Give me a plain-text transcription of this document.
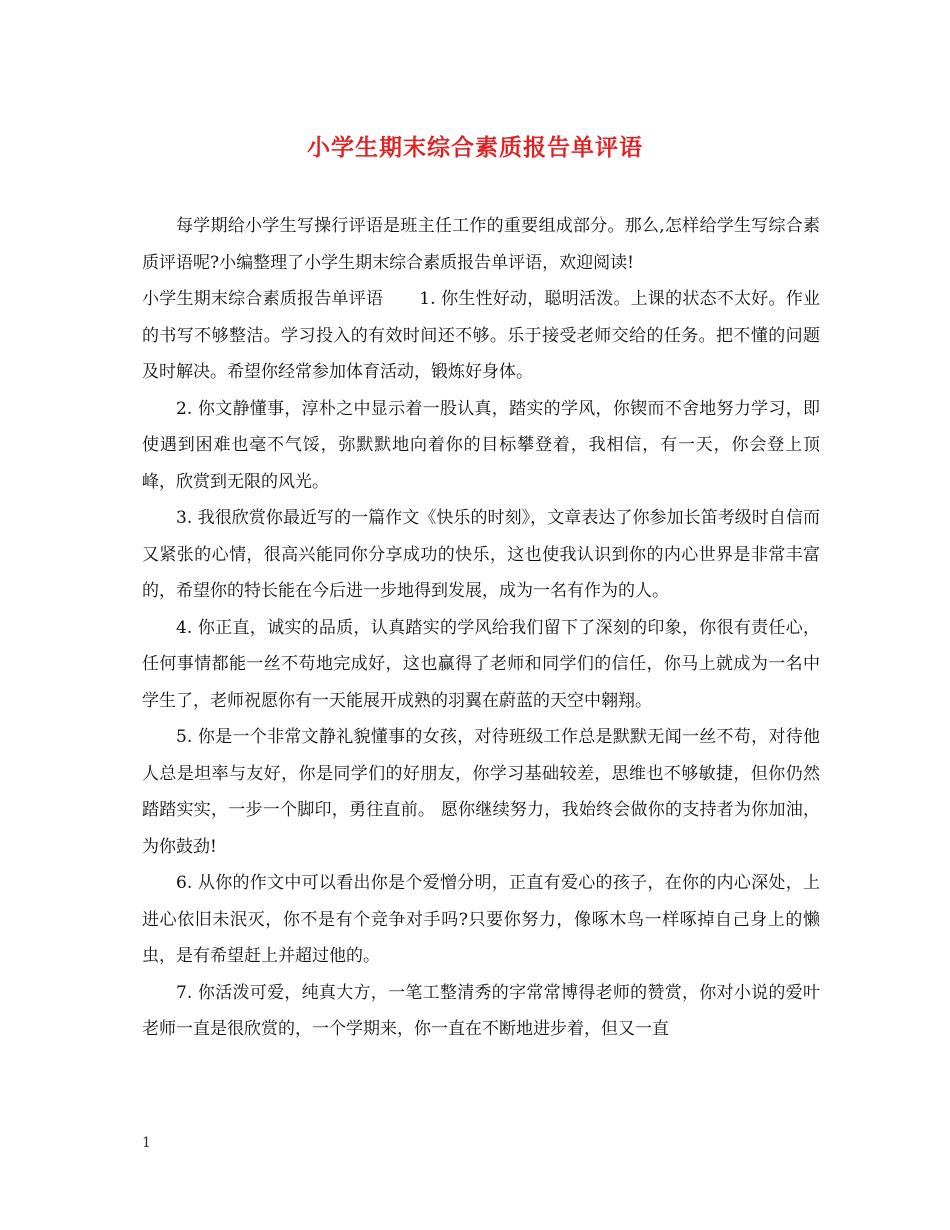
小学生期末综合素质报告单评语

每学期给小学生写操行评语是班主任工作的重要组成部分。那么,怎样给学生写综合素质评语呢?小编整理了小学生期末综合素质报告单评语，欢迎阅读!

小学生期末综合素质报告单评语 1. 你生性好动，聪明活泼。上课的状态不太好。作业的书写不够整洁。学习投入的有效时间还不够。乐于接受老师交给的任务。把不懂的问题及时解决。希望你经常参加体育活动，锻炼好身体。

2. 你文静懂事，淳朴之中显示着一股认真，踏实的学风，你锲而不舍地努力学习，即使遇到困难也毫不气馁，弥默默地向着你的目标攀登着，我相信，有一天，你会登上顶峰，欣赏到无限的风光。

3. 我很欣赏你最近写的一篇作文《快乐的时刻》，文章表达了你参加长笛考级时自信而又紧张的心情，很高兴能同你分享成功的快乐，这也使我认识到你的内心世界是非常丰富的，希望你的特长能在今后进一步地得到发展，成为一名有作为的人。

4. 你正直，诚实的品质，认真踏实的学风给我们留下了深刻的印象，你很有责任心，任何事情都能一丝不苟地完成好，这也赢得了老师和同学们的信任，你马上就成为一名中学生了，老师祝愿你有一天能展开成熟的羽翼在蔚蓝的天空中翱翔。

5. 你是一个非常文静礼貌懂事的女孩，对待班级工作总是默默无闻一丝不苟，对待他人总是坦率与友好，你是同学们的好朋友，你学习基础较差，思维也不够敏捷，但你仍然踏踏实实，一步一个脚印，勇往直前。 愿你继续努力，我始终会做你的支持者为你加油，为你鼓劲!

6. 从你的作文中可以看出你是个爱憎分明，正直有爱心的孩子，在你的内心深处，上进心依旧未泯灭，你不是有个竞争对手吗?只要你努力，像啄木鸟一样啄掉自己身上的懒虫，是有希望赶上并超过他的。

7. 你活泼可爱，纯真大方，一笔工整清秀的字常常博得老师的赞赏，你对小说的爱叶老师一直是很欣赏的，一个学期来，你一直在不断地进步着，但又一直

1
